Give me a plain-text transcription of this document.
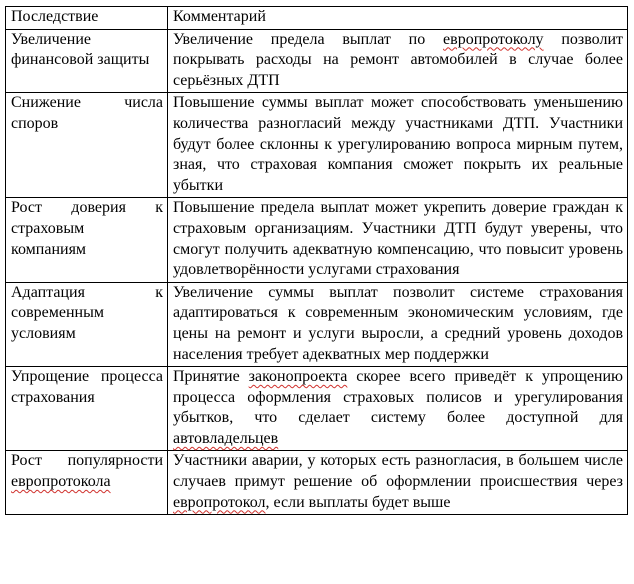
Последствие	Комментарий
Увеличение финансовой защиты	Увеличение предела выплат по европротоколу позволит покрывать расходы на ремонт автомобилей в случае более серьёзных ДТП
Снижение числа споров	Повышение суммы выплат может способствовать уменьшению количества разногласий между участниками ДТП. Участники будут более склонны к урегулированию вопроса мирным путем, зная, что страховая компания сможет покрыть их реальные убытки
Рост доверия к страховым компаниям	Повышение предела выплат может укрепить доверие граждан к страховым организациям. Участники ДТП будут уверены, что смогут получить адекватную компенсацию, что повысит уровень удовлетворённости услугами страхования
Адаптация к современным условиям	Увеличение суммы выплат позволит системе страхования адаптироваться к современным экономическим условиям, где цены на ремонт и услуги выросли, а средний уровень доходов населения требует адекватных мер поддержки
Упрощение процесса страхования	Принятие законопроекта скорее всего приведёт к упрощению процесса оформления страховых полисов и урегулирования убытков, что сделает систему более доступной для автовладельцев
Рост популярности европротокола	Участники аварии, у которых есть разногласия, в большем числе случаев примут решение об оформлении происшествия через европротокол, если выплаты будет выше
